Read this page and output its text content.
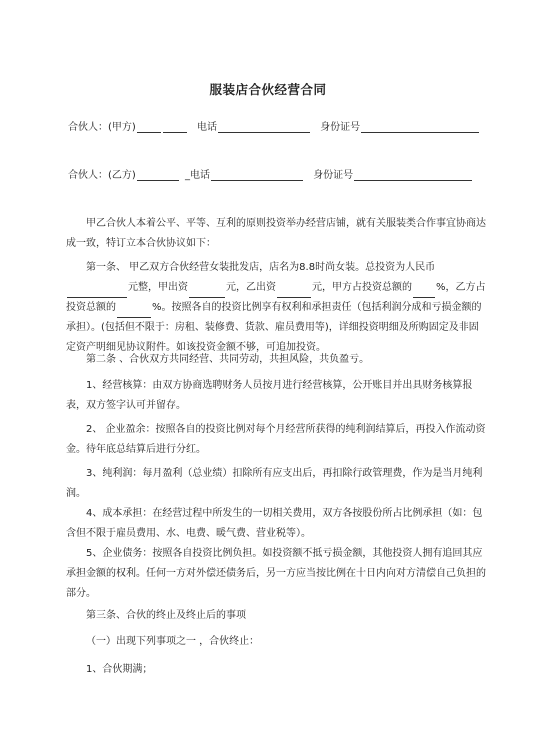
服装店合伙经营合同
合伙人：(甲方)	电话	身份证号
合伙人：(乙方)	_电话	身份证号

甲乙合伙人本着公平、平等、互利的原则投资举办经营店铺，就有关服装类合作事宜协商达成一致，特订立本合伙协议如下：

第一条、 甲乙双方合伙经营女装批发店，店名为8.8时尚女装。总投资为人民币元整，甲出资	元，乙出资	元，甲方占投资总额的 %，乙方占投资总额的	%。按照各自的投资比例享有权利和承担责任（包括利润分成和亏损金额的承担）。(包括但不限于：房租、装修费、货款、雇员费用等)，详细投资明细及所购固定及非固定资产明细见协议附件。如该投资金额不够，可追加投资。

第二条 、合伙双方共同经营、共同劳动，共担风险，共负盈亏。

1、经营核算：由双方协商选聘财务人员按月进行经营核算，公开账目并出具财务核算报表，双方签字认可并留存。

2、 企业盈余：按照各自的投资比例对每个月经营所获得的纯利润结算后，再投入作流动资金。待年底总结算后进行分红。

3、纯利润：每月盈利（总业绩）扣除所有应支出后，再扣除行政管理费，作为是当月纯利润。

4、成本承担：在经营过程中所发生的一切相关费用，双方各按股份所占比例承担（如：包含但不限于雇员费用、水、电费、暖气费、营业税等）。

5、企业债务：按照各自投资比例负担。如投资额不抵亏损金额，其他投资人拥有追回其应承担金额的权利。任何一方对外偿还债务后，另一方应当按比例在十日内向对方清偿自己负担的部分。

第三条、合伙的终止及终止后的事项

（一）出现下列事项之一 ，合伙终止：

1、合伙期满；
